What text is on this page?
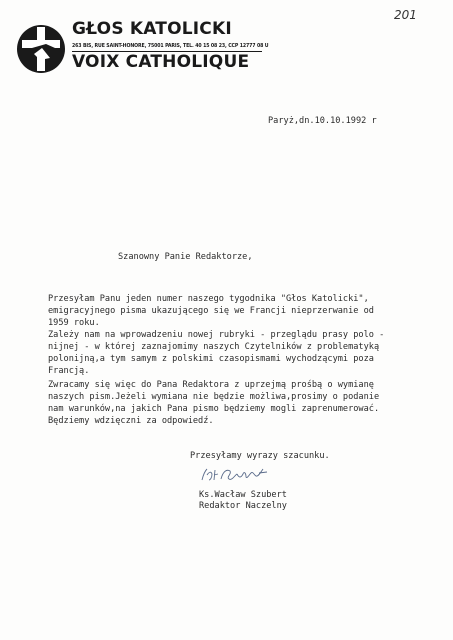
GŁOS KATOLICKI
263 BIS, RUE SAINT-HONORE, 75001 PARIS, TEL. 40 15 08 23, CCP 12777 08 U
VOIX CATHOLIQUE
201
Paryż,dn.10.10.1992 r
Szanowny Panie Redaktorze,
Przesyłam Panu jeden numer naszego tygodnika "Głos Katolicki",
emigracyjnego pisma ukazującego się we Francji nieprzerwanie od
1959 roku.
Zależy nam na wprowadzeniu nowej rubryki - przeglądu prasy polo -
nijnej - w której zaznajomimy naszych Czytelników z problematyką
polonijną,a tym samym z polskimi czasopismami wychodzącymi poza
Francją.
Zwracamy się więc do Pana Redaktora z uprzejmą prośbą o wymianę
naszych pism.Jeżeli wymiana nie będzie możliwa,prosimy o podanie
nam warunków,na jakich Pana pismo będziemy mogli zaprenumerować.
Będziemy wdzięczni za odpowiedź.
Przesyłamy wyrazy szacunku.
Ks.Wacław Szubert
Redaktor Naczelny
